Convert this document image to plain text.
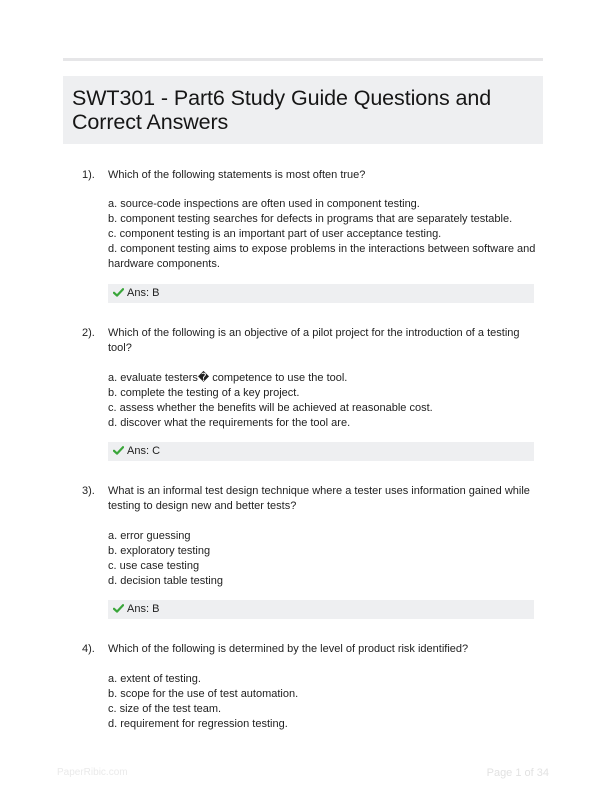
SWT301 - Part6 Study Guide Questions and Correct Answers
1). Which of the following statements is most often true?
a. source-code inspections are often used in component testing.
b. component testing searches for defects in programs that are separately testable.
c. component testing is an important part of user acceptance testing.
d. component testing aims to expose problems in the interactions between software and hardware components.
Ans: B
2). Which of the following is an objective of a pilot project for the introduction of a testing tool?
a. evaluate testers� competence to use the tool.
b. complete the testing of a key project.
c. assess whether the benefits will be achieved at reasonable cost.
d. discover what the requirements for the tool are.
Ans: C
3). What is an informal test design technique where a tester uses information gained while testing to design new and better tests?
a. error guessing
b. exploratory testing
c. use case testing
d. decision table testing
Ans: B
4). Which of the following is determined by the level of product risk identified?
a. extent of testing.
b. scope for the use of test automation.
c. size of the test team.
d. requirement for regression testing.
PaperRibic.com	Page 1 of 34
